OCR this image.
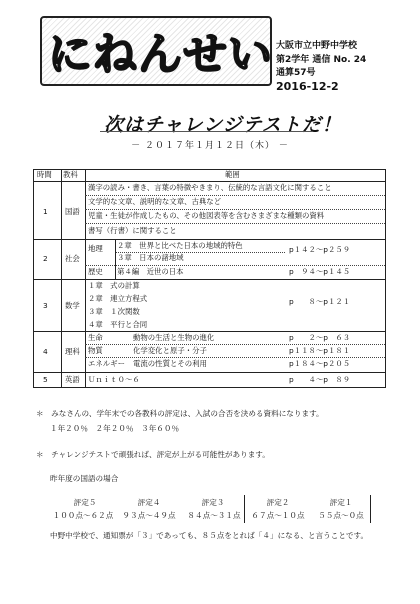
にねんせい 大阪市立中野中学校
第2学年 通信 No. 24
通算57号
2016-12-2
次はチャレンジテストだ！
－ ２０１７年１月１２日（木） －
時間 教科	範囲
1 国語
漢字の読み・書き、言葉の特徴やきまり、伝統的な言語文化に関すること
文学的な文章、説明的な文章、古典など
児童・生徒が作成したもの、その他図表等を含むさまざまな種類の資料
書写（行書）に関すること
2 社会
地理 ２章　世界と比べた日本の地域的特色	p１４２～p２５９
３章　日本の諸地域
歴史 第４編　近世の日本	p　９４～p１４５
3 数学
１章　式の計算
２章　連立方程式	p　　８～p１２１
３章　１次関数
４章　平行と合同
4 理科
生命	動物の生活と生物の進化	p　　２～p　６３
物質	化学変化と原子・分子	p１１８～p１８１
エネルギー 電流の性質とその利用	p１８４～p２０５
5 英語 Ｕｎｉｔ０～６	p　　４～p　８９
＊　みなさんの、学年末での各教科の評定は、入試の合否を決める資料になります。
１年２０％　２年２０％　３年６０％
＊　チャレンジテストで頑張れば、評定が上がる可能性があります。
昨年度の国語の場合
評定５	評定４	評定３	評定２	評定１
１００点～６２点	９３点～４９点	８４点～３１点	６７点～１０点	５５点～０点
中野中学校で、通知票が「３」であっても、８５点をとれば「４」になる、と言うことです。
